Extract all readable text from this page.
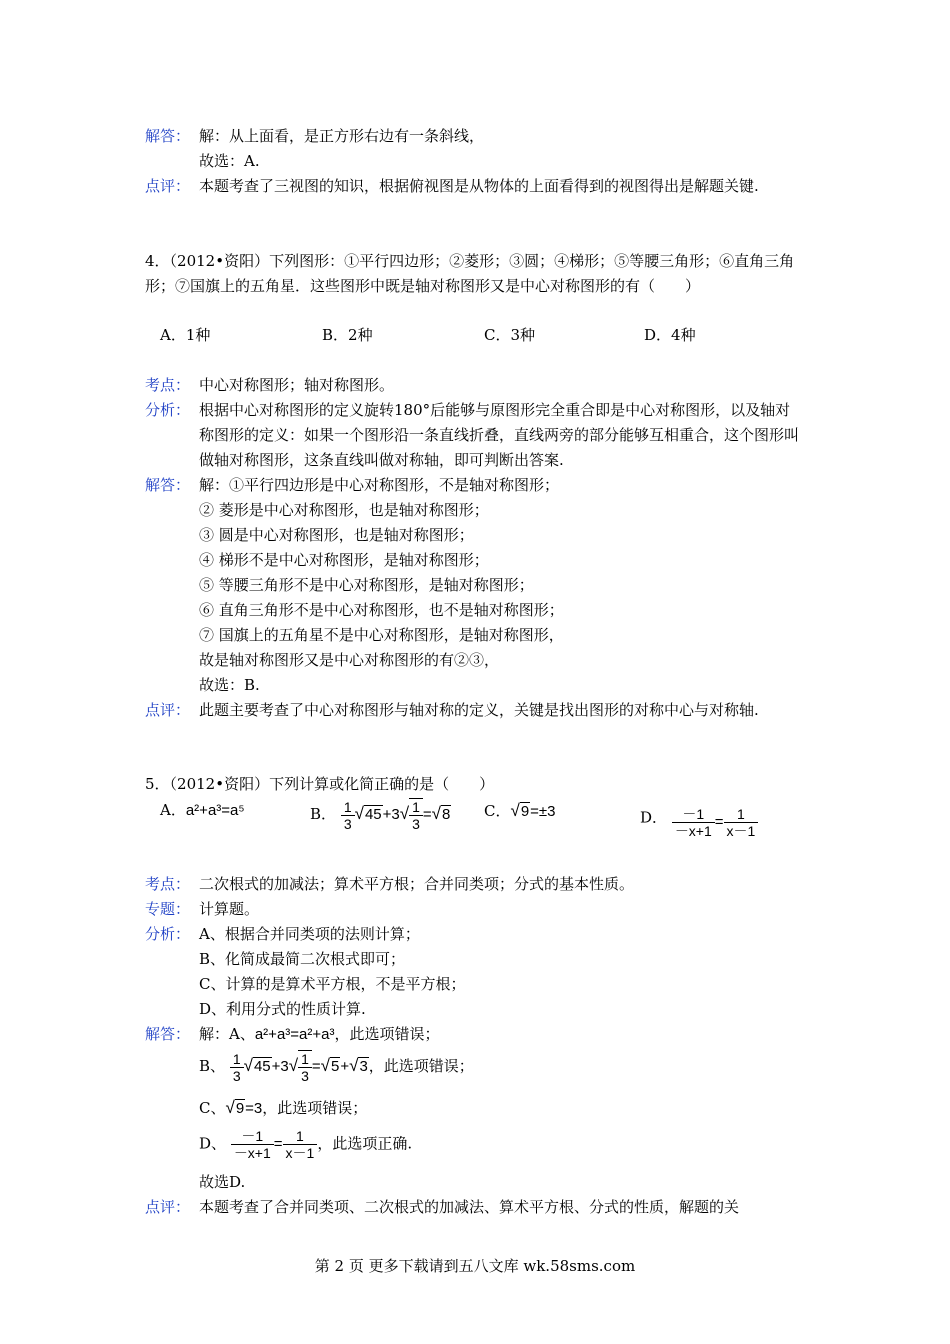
解答： 解：从上面看，是正方形右边有一条斜线，
故选：A.
点评： 本题考查了三视图的知识，根据俯视图是从物体的上面看得到的视图得出是解题关键.
4．（2012•资阳）下列图形：①平行四边形；②菱形；③圆；④梯形；⑤等腰三角形；⑥直角三角形；⑦国旗上的五角星．这些图形中既是轴对称图形又是中心对称图形的有（　　）
A．1种	B．2种	C．3种	D．4种
考点： 中心对称图形；轴对称图形。
分析： 根据中心对称图形的定义旋转180°后能够与原图形完全重合即是中心对称图形，以及轴对称图形的定义：如果一个图形沿一条直线折叠，直线两旁的部分能够互相重合，这个图形叫做轴对称图形，这条直线叫做对称轴，即可判断出答案.
解答： 解：①平行四边形是中心对称图形，不是轴对称图形；
② 菱形是中心对称图形，也是轴对称图形；
③ 圆是中心对称图形，也是轴对称图形；
④ 梯形不是中心对称图形，是轴对称图形；
⑤ 等腰三角形不是中心对称图形，是轴对称图形；
⑥ 直角三角形不是中心对称图形，也不是轴对称图形；
⑦ 国旗上的五角星不是中心对称图形，是轴对称图形，
故是轴对称图形又是中心对称图形的有②③，
故选：B.
点评： 此题主要考查了中心对称图形与轴对称的定义，关键是找出图形的对称中心与对称轴.
5．（2012•资阳）下列计算或化简正确的是（　　）
A．a²+a³=a⁵	B． $\frac{1}{3} √45+3√ \frac{1}{3} =√8$ C．√9=±3	D． $\frac{-1}{-x+1} = \frac{1}{x-1}$
考点： 二次根式的加减法；算术平方根；合并同类项；分式的基本性质。
专题： 计算题。
分析： A、根据合并同类项的法则计算；
B、化简成最简二次根式即可；
C、计算的是算术平方根，不是平方根；
D、利用分式的性质计算.
解答： 解：A、a²+a³=a²+a³，此选项错误；
B、 $\frac{1}{3} √45+3√ \frac{1}{3} =√5+√3$，此选项错误；
C、√9=3，此选项错误；
D、 $\frac{-1}{-x+1} = \frac{1}{x-1}$ ，此选项正确.
故选D.
点评： 本题考查了合并同类项、二次根式的加减法、算术平方根、分式的性质，解题的关
第 2 页 更多下载请到五八文库 wk.58sms.com
